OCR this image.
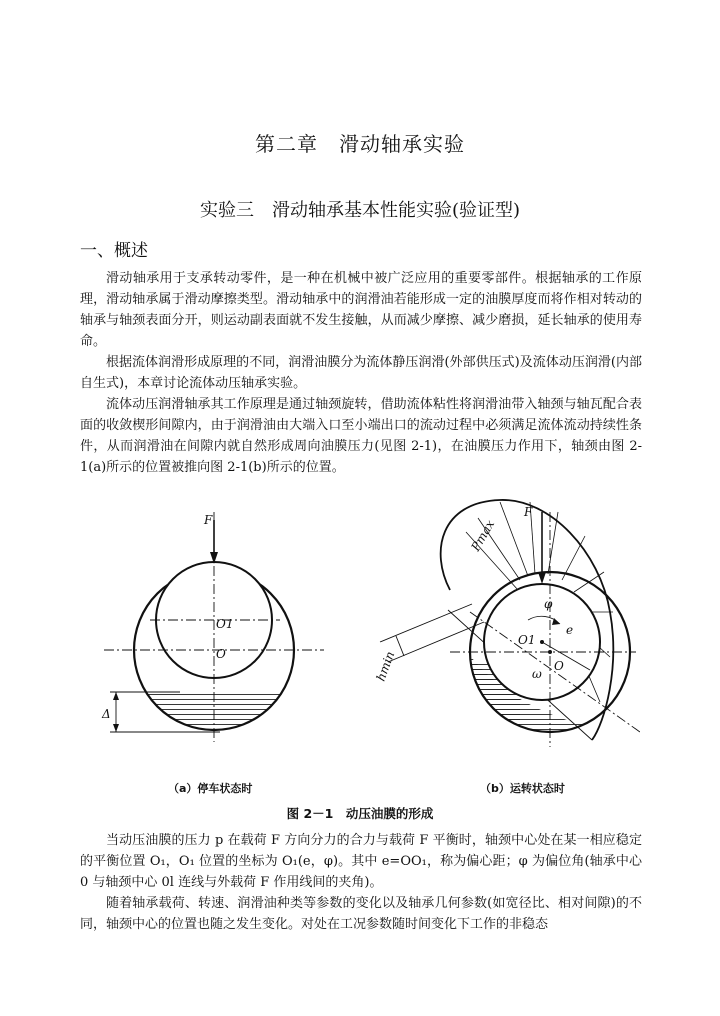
第二章　滑动轴承实验
实验三　滑动轴承基本性能实验(验证型)
一、概述

滑动轴承用于支承转动零件，是一种在机械中被广泛应用的重要零部件。根据轴承的工作原理，滑动轴承属于滑动摩擦类型。滑动轴承中的润滑油若能形成一定的油膜厚度而将作相对转动的轴承与轴颈表面分开，则运动副表面就不发生接触，从而减少摩擦、减少磨损，延长轴承的使用寿命。

根据流体润滑形成原理的不同，润滑油膜分为流体静压润滑(外部供压式)及流体动压润滑(内部自生式)，本章讨论流体动压轴承实验。

流体动压润滑轴承其工作原理是通过轴颈旋转，借助流体粘性将润滑油带入轴颈与轴瓦配合表面的收敛楔形间隙内，由于润滑油由大端入口至小端出口的流动过程中必须满足流体流动持续性条件，从而润滑油在间隙内就自然形成周向油膜压力(见图 2-1)，在油膜压力作用下，轴颈由图 2-1(a)所示的位置被推向图 2-1(b)所示的位置。

F
O1
O
Δ
F
Pmax
hmin
O1
O
φ
e
ω
（a）停车状态时	（b）运转状态时
图 2－1　动压油膜的形成

当动压油膜的压力 p 在载荷 F 方向分力的合力与载荷 F 平衡时，轴颈中心处在某一相应稳定的平衡位置 O₁，O₁ 位置的坐标为 O₁(e，φ)。其中 e=OO₁，称为偏心距；φ 为偏位角(轴承中心 0 与轴颈中心 0l 连线与外载荷 F 作用线间的夹角)。

随着轴承载荷、转速、润滑油种类等参数的变化以及轴承几何参数(如宽径比、相对间隙)的不同，轴颈中心的位置也随之发生变化。对处在工况参数随时间变化下工作的非稳态
